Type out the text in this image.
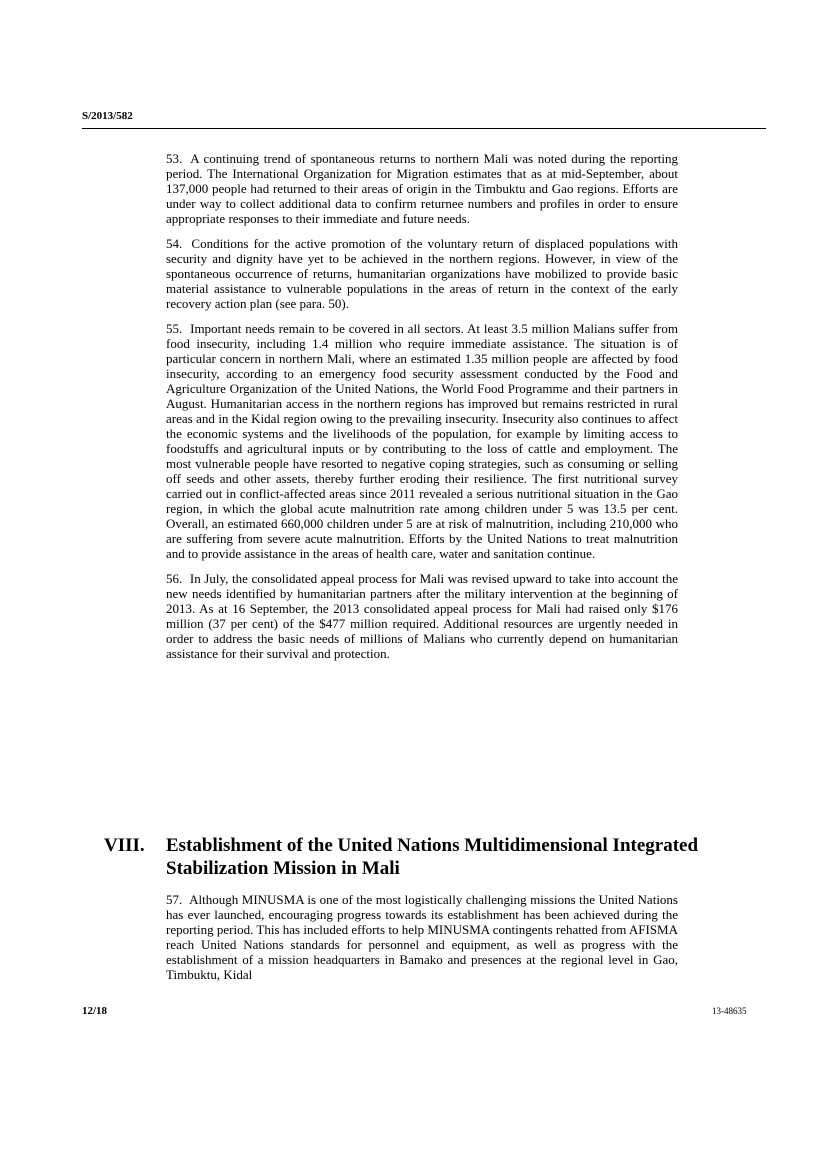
S/2013/582

53. A continuing trend of spontaneous returns to northern Mali was noted during the reporting period. The International Organization for Migration estimates that as at mid-September, about 137,000 people had returned to their areas of origin in the Timbuktu and Gao regions. Efforts are under way to collect additional data to confirm returnee numbers and profiles in order to ensure appropriate responses to their immediate and future needs.

54. Conditions for the active promotion of the voluntary return of displaced populations with security and dignity have yet to be achieved in the northern regions. However, in view of the spontaneous occurrence of returns, humanitarian organizations have mobilized to provide basic material assistance to vulnerable populations in the areas of return in the context of the early recovery action plan (see para. 50).

55. Important needs remain to be covered in all sectors. At least 3.5 million Malians suffer from food insecurity, including 1.4 million who require immediate assistance. The situation is of particular concern in northern Mali, where an estimated 1.35 million people are affected by food insecurity, according to an emergency food security assessment conducted by the Food and Agriculture Organization of the United Nations, the World Food Programme and their partners in August. Humanitarian access in the northern regions has improved but remains restricted in rural areas and in the Kidal region owing to the prevailing insecurity. Insecurity also continues to affect the economic systems and the livelihoods of the population, for example by limiting access to foodstuffs and agricultural inputs or by contributing to the loss of cattle and employment. The most vulnerable people have resorted to negative coping strategies, such as consuming or selling off seeds and other assets, thereby further eroding their resilience. The first nutritional survey carried out in conflict-affected areas since 2011 revealed a serious nutritional situation in the Gao region, in which the global acute malnutrition rate among children under 5 was 13.5 per cent. Overall, an estimated 660,000 children under 5 are at risk of malnutrition, including 210,000 who are suffering from severe acute malnutrition. Efforts by the United Nations to treat malnutrition and to provide assistance in the areas of health care, water and sanitation continue.

56. In July, the consolidated appeal process for Mali was revised upward to take into account the new needs identified by humanitarian partners after the military intervention at the beginning of 2013. As at 16 September, the 2013 consolidated appeal process for Mali had raised only $176 million (37 per cent) of the $477 million required. Additional resources are urgently needed in order to address the basic needs of millions of Malians who currently depend on humanitarian assistance for their survival and protection.

VIII.	Establishment of the United Nations Multidimensional Integrated Stabilization Mission in Mali

57. Although MINUSMA is one of the most logistically challenging missions the United Nations has ever launched, encouraging progress towards its establishment has been achieved during the reporting period. This has included efforts to help MINUSMA contingents rehatted from AFISMA reach United Nations standards for personnel and equipment, as well as progress with the establishment of a mission headquarters in Bamako and presences at the regional level in Gao, Timbuktu, Kidal

12/18	13-48635
